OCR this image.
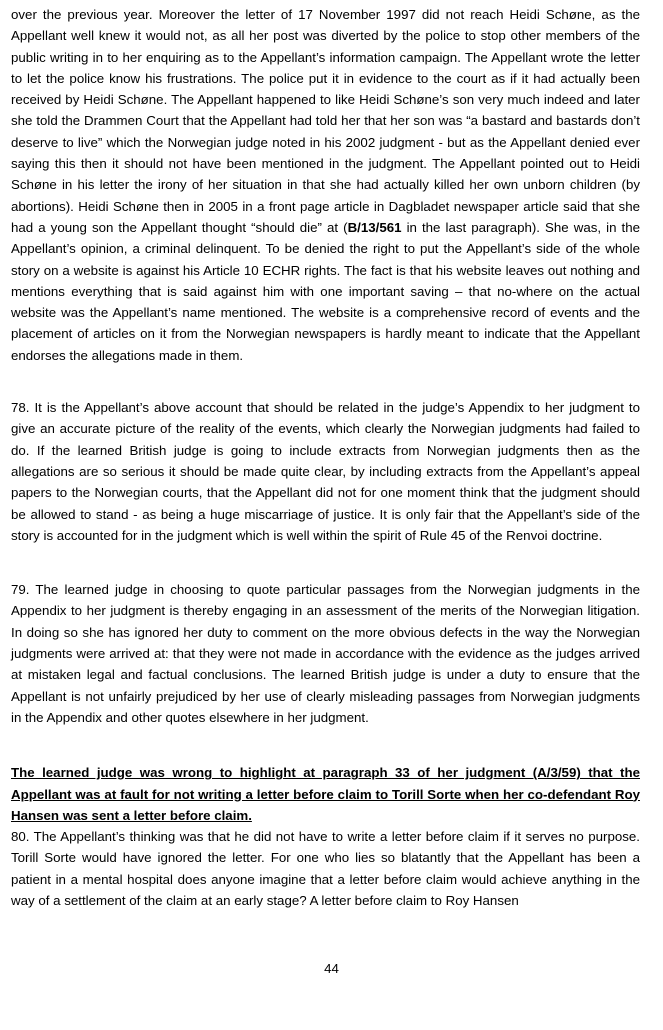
over the previous year. Moreover the letter of 17 November 1997 did not reach Heidi Schøne, as the Appellant well knew it would not, as all her post was diverted by the police to stop other members of the public writing in to her enquiring as to the Appellant’s information campaign. The Appellant wrote the letter to let the police know his frustrations. The police put it in evidence to the court as if it had actually been received by Heidi Schøne. The Appellant happened to like Heidi Schøne’s son very much indeed and later she told the Drammen Court that the Appellant had told her that her son was “a bastard and bastards don’t deserve to live” which the Norwegian judge noted in his 2002 judgment - but as the Appellant denied ever saying this then it should not have been mentioned in the judgment. The Appellant pointed out to Heidi Schøne in his letter the irony of her situation in that she had actually killed her own unborn children (by abortions). Heidi Schøne then in 2005 in a front page article in Dagbladet newspaper article said that she had a young son the Appellant thought “should die” at (B/13/561 in the last paragraph). She was, in the Appellant’s opinion, a criminal delinquent. To be denied the right to put the Appellant’s side of the whole story on a website is against his Article 10 ECHR rights. The fact is that his website leaves out nothing and mentions everything that is said against him with one important saving – that no-where on the actual website was the Appellant’s name mentioned. The website is a comprehensive record of events and the placement of articles on it from the Norwegian newspapers is hardly meant to indicate that the Appellant endorses the allegations made in them.

78. It is the Appellant’s above account that should be related in the judge’s Appendix to her judgment to give an accurate picture of the reality of the events, which clearly the Norwegian judgments had failed to do. If the learned British judge is going to include extracts from Norwegian judgments then as the allegations are so serious it should be made quite clear, by including extracts from the Appellant’s appeal papers to the Norwegian courts, that the Appellant did not for one moment think that the judgment should be allowed to stand - as being a huge miscarriage of justice. It is only fair that the Appellant’s side of the story is accounted for in the judgment which is well within the spirit of Rule 45 of the Renvoi doctrine.

79. The learned judge in choosing to quote particular passages from the Norwegian judgments in the Appendix to her judgment is thereby engaging in an assessment of the merits of the Norwegian litigation. In doing so she has ignored her duty to comment on the more obvious defects in the way the Norwegian judgments were arrived at: that they were not made in accordance with the evidence as the judges arrived at mistaken legal and factual conclusions. The learned British judge is under a duty to ensure that the Appellant is not unfairly prejudiced by her use of clearly misleading passages from Norwegian judgments in the Appendix and other quotes elsewhere in her judgment.

The learned judge was wrong to highlight at paragraph 33 of her judgment (A/3/59) that the Appellant was at fault for not writing a letter before claim to Torill Sorte when her co-defendant Roy Hansen was sent a letter before claim.

80. The Appellant’s thinking was that he did not have to write a letter before claim if it serves no purpose. Torill Sorte would have ignored the letter. For one who lies so blatantly that the Appellant has been a patient in a mental hospital does anyone imagine that a letter before claim would achieve anything in the way of a settlement of the claim at an early stage? A letter before claim to Roy Hansen

44
